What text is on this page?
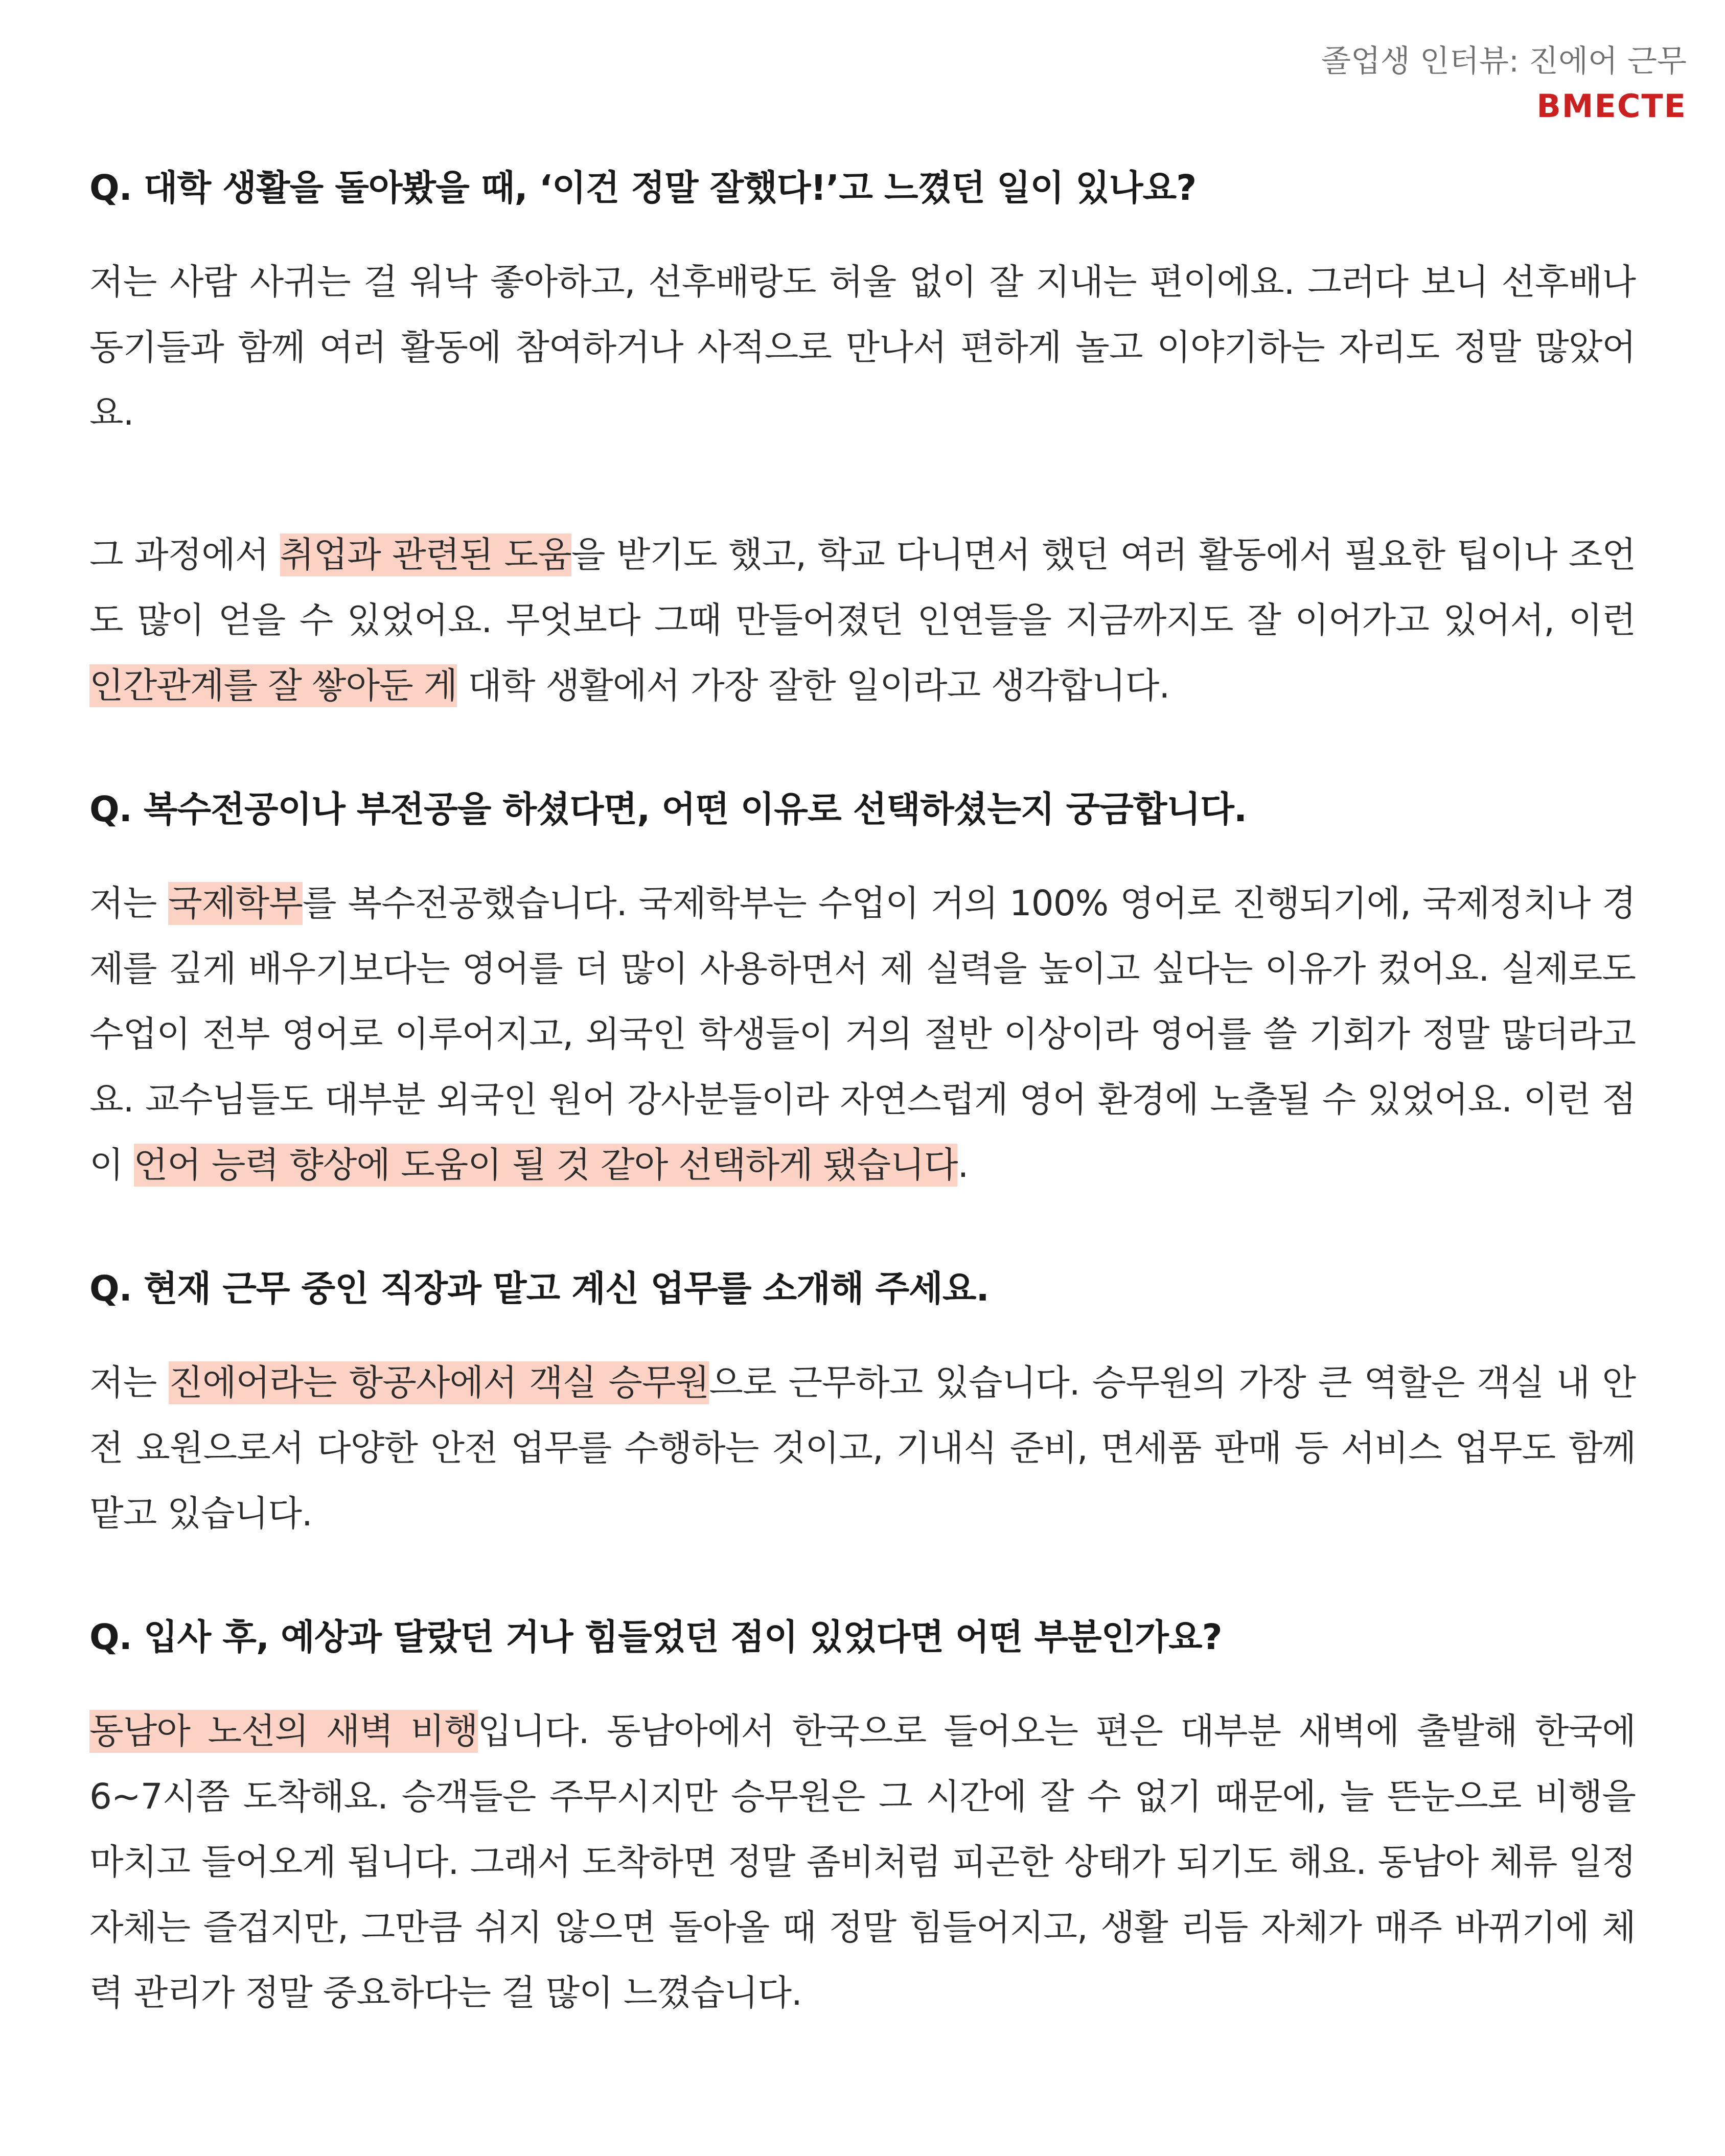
졸업생 인터뷰: 진에어 근무
BMECTE

Q. 대학 생활을 돌아봤을 때, ‘이건 정말 잘했다!’고 느꼈던 일이 있나요?

저는 사람 사귀는 걸 워낙 좋아하고, 선후배랑도 허울 없이 잘 지내는 편이에요. 그러다 보니 선후배나 동기들과 함께 여러 활동에 참여하거나 사적으로 만나서 편하게 놀고 이야기하는 자리도 정말 많았어요.

그 과정에서 취업과 관련된 도움을 받기도 했고, 학교 다니면서 했던 여러 활동에서 필요한 팁이나 조언도 많이 얻을 수 있었어요. 무엇보다 그때 만들어졌던 인연들을 지금까지도 잘 이어가고 있어서, 이런 인간관계를 잘 쌓아둔 게 대학 생활에서 가장 잘한 일이라고 생각합니다.

Q. 복수전공이나 부전공을 하셨다면, 어떤 이유로 선택하셨는지 궁금합니다.

저는 국제학부를 복수전공했습니다. 국제학부는 수업이 거의 100% 영어로 진행되기에, 국제정치나 경제를 깊게 배우기보다는 영어를 더 많이 사용하면서 제 실력을 높이고 싶다는 이유가 컸어요. 실제로도 수업이 전부 영어로 이루어지고, 외국인 학생들이 거의 절반 이상이라 영어를 쓸 기회가 정말 많더라고요. 교수님들도 대부분 외국인 원어 강사분들이라 자연스럽게 영어 환경에 노출될 수 있었어요. 이런 점이 언어 능력 향상에 도움이 될 것 같아 선택하게 됐습니다.

Q. 현재 근무 중인 직장과 맡고 계신 업무를 소개해 주세요.

저는 진에어라는 항공사에서 객실 승무원으로 근무하고 있습니다. 승무원의 가장 큰 역할은 객실 내 안전 요원으로서 다양한 안전 업무를 수행하는 것이고, 기내식 준비, 면세품 판매 등 서비스 업무도 함께 맡고 있습니다.

Q. 입사 후, 예상과 달랐던 거나 힘들었던 점이 있었다면 어떤 부분인가요?

동남아 노선의 새벽 비행입니다. 동남아에서 한국으로 들어오는 편은 대부분 새벽에 출발해 한국에 6~7시쯤 도착해요. 승객들은 주무시지만 승무원은 그 시간에 잘 수 없기 때문에, 늘 뜬눈으로 비행을 마치고 들어오게 됩니다. 그래서 도착하면 정말 좀비처럼 피곤한 상태가 되기도 해요. 동남아 체류 일정 자체는 즐겁지만, 그만큼 쉬지 않으면 돌아올 때 정말 힘들어지고, 생활 리듬 자체가 매주 바뀌기에 체력 관리가 정말 중요하다는 걸 많이 느꼈습니다.
